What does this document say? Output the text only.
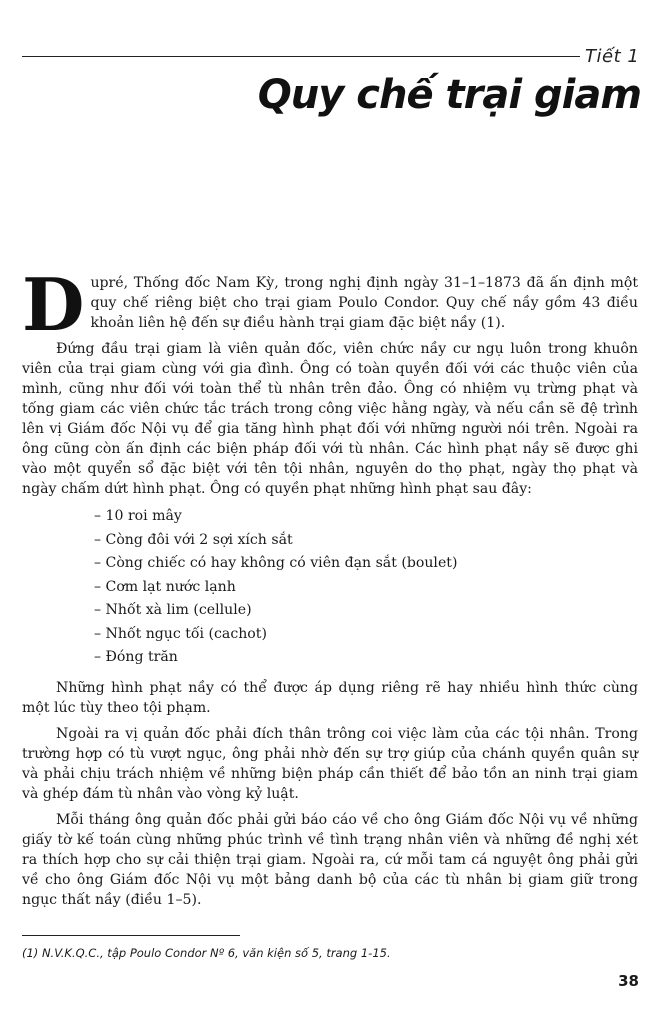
Tiết 1
Quy chế trại giam

Dupré, Thống đốc Nam Kỳ, trong nghị định ngày 31–1–1873 đã ấn định một quy chế riêng biệt cho trại giam Poulo Condor. Quy chế nầy gồm 43 điều khoản liên hệ đến sự điều hành trại giam đặc biệt nầy (1).

Đứng đầu trại giam là viên quản đốc, viên chức nầy cư ngụ luôn trong khuôn viên của trại giam cùng với gia đình. Ông có toàn quyền đối với các thuộc viên của mình, cũng như đối với toàn thể tù nhân trên đảo. Ông có nhiệm vụ trừng phạt và tống giam các viên chức tắc trách trong công việc hằng ngày, và nếu cần sẽ đệ trình lên vị Giám đốc Nội vụ để gia tăng hình phạt đối với những người nói trên. Ngoài ra ông cũng còn ấn định các biện pháp đối với tù nhân. Các hình phạt nầy sẽ được ghi vào một quyển sổ đặc biệt với tên tội nhân, nguyên do thọ phạt, ngày thọ phạt và ngày chấm dứt hình phạt. Ông có quyền phạt những hình phạt sau đây:

– 10 roi mây
– Còng đôi với 2 sợi xích sắt
– Còng chiếc có hay không có viên đạn sắt (boulet)
– Cơm lạt nước lạnh
– Nhốt xà lim (cellule)
– Nhốt ngục tối (cachot)
– Đóng trăn

Những hình phạt nầy có thể được áp dụng riêng rẽ hay nhiều hình thức cùng một lúc tùy theo tội phạm.

Ngoài ra vị quản đốc phải đích thân trông coi việc làm của các tội nhân. Trong trường hợp có tù vượt ngục, ông phải nhờ đến sự trợ giúp của chánh quyền quân sự và phải chịu trách nhiệm về những biện pháp cần thiết để bảo tồn an ninh trại giam và ghép đám tù nhân vào vòng kỷ luật.

Mỗi tháng ông quản đốc phải gửi báo cáo về cho ông Giám đốc Nội vụ về những giấy tờ kế toán cùng những phúc trình về tình trạng nhân viên và những đề nghị xét ra thích hợp cho sự cải thiện trại giam. Ngoài ra, cứ mỗi tam cá nguyệt ông phải gửi về cho ông Giám đốc Nội vụ một bảng danh bộ của các tù nhân bị giam giữ trong ngục thất nầy (điều 1–5).

(1) N.V.K.Q.C., tập Poulo Condor Nº 6, văn kiện số 5, trang 1-15.

38
